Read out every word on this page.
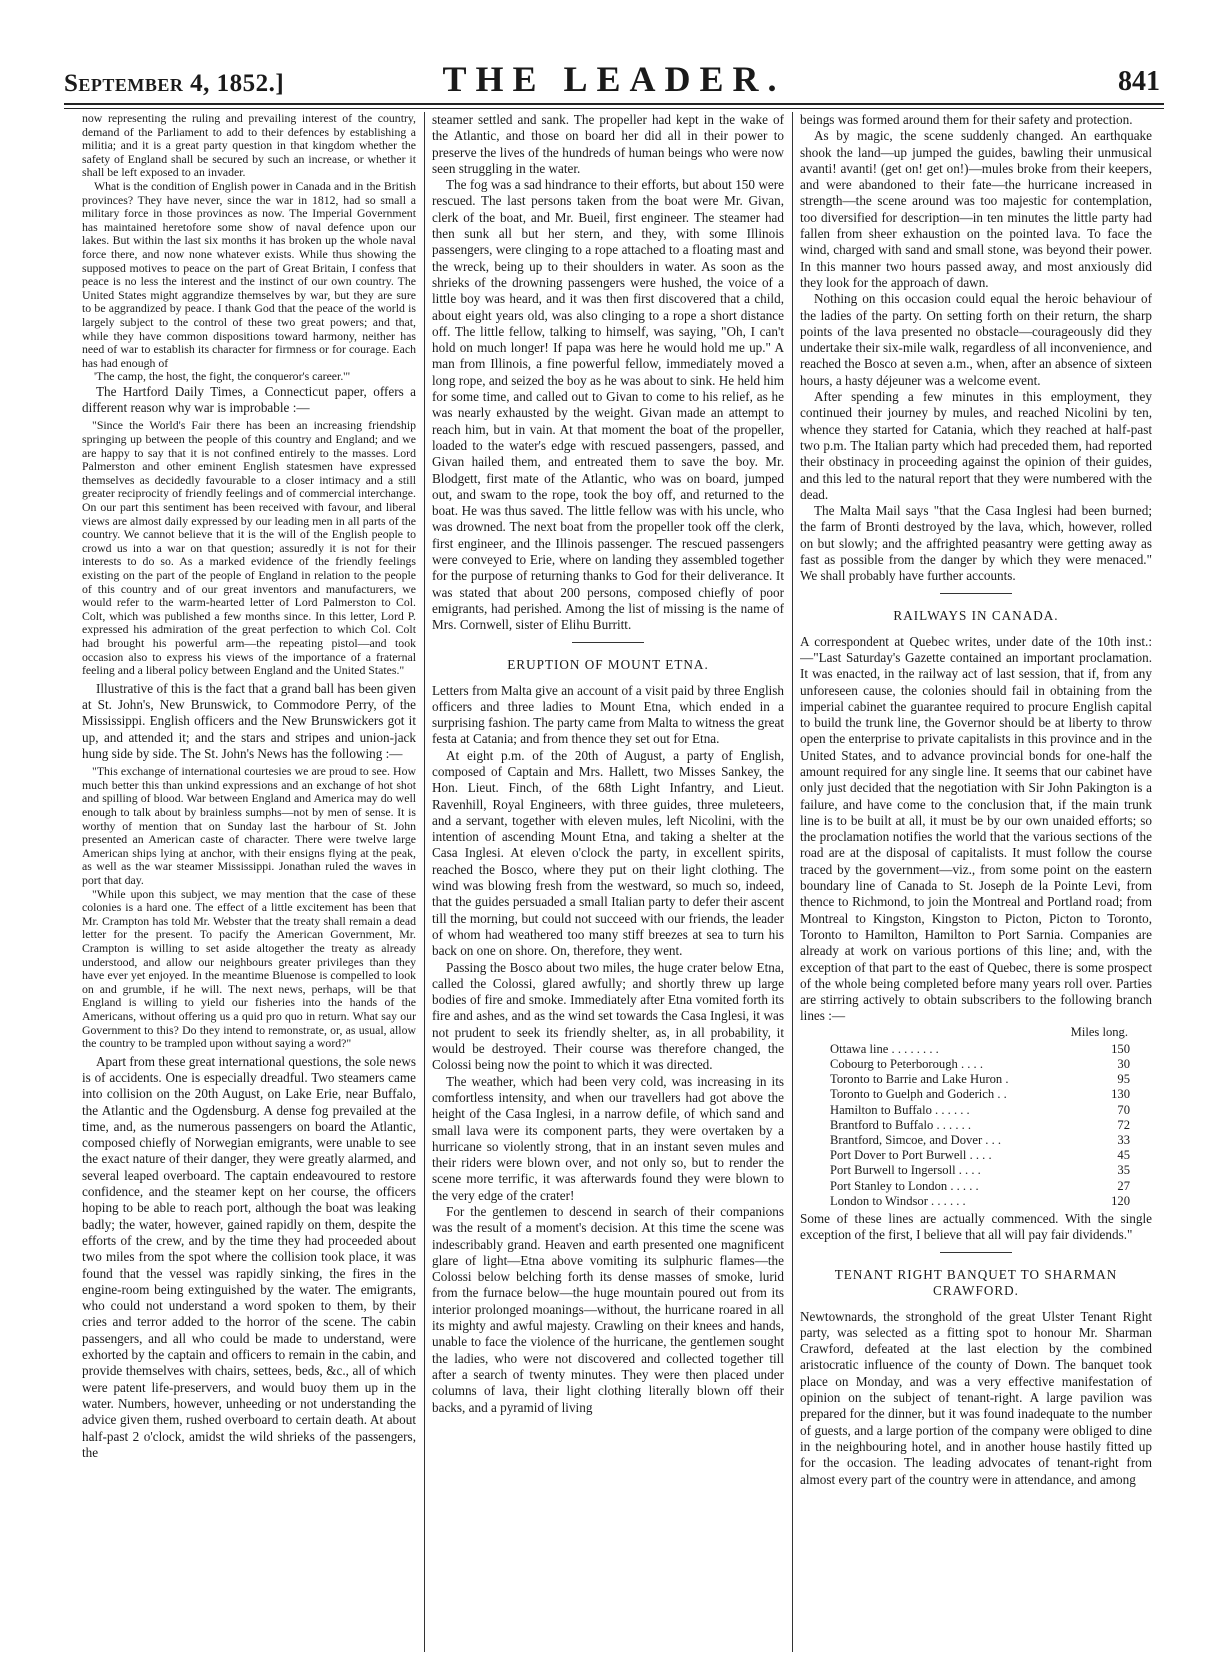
September 4, 1852.]	THE LEADER.	841

now representing the ruling and prevailing interest of the country, demand of the Parliament to add to their defences by establishing a militia; and it is a great party question in that kingdom whether the safety of England shall be secured by such an increase, or whether it shall be left exposed to an invader.

What is the condition of English power in Canada and in the British provinces? They have never, since the war in 1812, had so small a military force in those provinces as now. The Imperial Government has maintained heretofore some show of naval defence upon our lakes. But within the last six months it has broken up the whole naval force there, and now none whatever exists. While thus showing the supposed motives to peace on the part of Great Britain, I confess that peace is no less the interest and the instinct of our own country. The United States might aggrandize themselves by war, but they are sure to be aggrandized by peace. I thank God that the peace of the world is largely subject to the control of these two great powers; and that, while they have common dispositions toward harmony, neither has need of war to establish its character for firmness or for courage. Each has had enough of

'The camp, the host, the fight, the conqueror's career.'"

The Hartford Daily Times, a Connecticut paper, offers a different reason why war is improbable :—

"Since the World's Fair there has been an increasing friendship springing up between the people of this country and England; and we are happy to say that it is not confined entirely to the masses. Lord Palmerston and other eminent English statesmen have expressed themselves as decidedly favourable to a closer intimacy and a still greater reciprocity of friendly feelings and of commercial interchange. On our part this sentiment has been received with favour, and liberal views are almost daily expressed by our leading men in all parts of the country. We cannot believe that it is the will of the English people to crowd us into a war on that question; assuredly it is not for their interests to do so. As a marked evidence of the friendly feelings existing on the part of the people of England in relation to the people of this country and of our great inventors and manufacturers, we would refer to the warm-hearted letter of Lord Palmerston to Col. Colt, which was published a few months since. In this letter, Lord P. expressed his admiration of the great perfection to which Col. Colt had brought his powerful arm—the repeating pistol—and took occasion also to express his views of the importance of a fraternal feeling and a liberal policy between England and the United States."

Illustrative of this is the fact that a grand ball has been given at St. John's, New Brunswick, to Commodore Perry, of the Mississippi. English officers and the New Brunswickers got it up, and attended it; and the stars and stripes and union-jack hung side by side. The St. John's News has the following :—

"This exchange of international courtesies we are proud to see. How much better this than unkind expressions and an exchange of hot shot and spilling of blood. War between England and America may do well enough to talk about by brainless sumphs—not by men of sense. It is worthy of mention that on Sunday last the harbour of St. John presented an American caste of character. There were twelve large American ships lying at anchor, with their ensigns flying at the peak, as well as the war steamer Mississippi. Jonathan ruled the waves in port that day.

"While upon this subject, we may mention that the case of these colonies is a hard one. The effect of a little excitement has been that Mr. Crampton has told Mr. Webster that the treaty shall remain a dead letter for the present. To pacify the American Government, Mr. Crampton is willing to set aside altogether the treaty as already understood, and allow our neighbours greater privileges than they have ever yet enjoyed. In the meantime Bluenose is compelled to look on and grumble, if he will. The next news, perhaps, will be that England is willing to yield our fisheries into the hands of the Americans, without offering us a quid pro quo in return. What say our Government to this? Do they intend to remonstrate, or, as usual, allow the country to be trampled upon without saying a word?"

Apart from these great international questions, the sole news is of accidents. One is especially dreadful. Two steamers came into collision on the 20th August, on Lake Erie, near Buffalo, the Atlantic and the Ogdensburg. A dense fog prevailed at the time, and, as the numerous passengers on board the Atlantic, composed chiefly of Norwegian emigrants, were unable to see the exact nature of their danger, they were greatly alarmed, and several leaped overboard. The captain endeavoured to restore confidence, and the steamer kept on her course, the officers hoping to be able to reach port, although the boat was leaking badly; the water, however, gained rapidly on them, despite the efforts of the crew, and by the time they had proceeded about two miles from the spot where the collision took place, it was found that the vessel was rapidly sinking, the fires in the engine-room being extinguished by the water. The emigrants, who could not understand a word spoken to them, by their cries and terror added to the horror of the scene. The cabin passengers, and all who could be made to understand, were exhorted by the captain and officers to remain in the cabin, and provide themselves with chairs, settees, beds, &c., all of which were patent life-preservers, and would buoy them up in the water. Numbers, however, unheeding or not understanding the advice given them, rushed overboard to certain death. At about half-past 2 o'clock, amidst the wild shrieks of the passengers, the

steamer settled and sank. The propeller had kept in the wake of the Atlantic, and those on board her did all in their power to preserve the lives of the hundreds of human beings who were now seen struggling in the water.

The fog was a sad hindrance to their efforts, but about 150 were rescued. The last persons taken from the boat were Mr. Givan, clerk of the boat, and Mr. Bueil, first engineer. The steamer had then sunk all but her stern, and they, with some Illinois passengers, were clinging to a rope attached to a floating mast and the wreck, being up to their shoulders in water. As soon as the shrieks of the drowning passengers were hushed, the voice of a little boy was heard, and it was then first discovered that a child, about eight years old, was also clinging to a rope a short distance off. The little fellow, talking to himself, was saying, "Oh, I can't hold on much longer! If papa was here he would hold me up." A man from Illinois, a fine powerful fellow, immediately moved a long rope, and seized the boy as he was about to sink. He held him for some time, and called out to Givan to come to his relief, as he was nearly exhausted by the weight. Givan made an attempt to reach him, but in vain. At that moment the boat of the propeller, loaded to the water's edge with rescued passengers, passed, and Givan hailed them, and entreated them to save the boy. Mr. Blodgett, first mate of the Atlantic, who was on board, jumped out, and swam to the rope, took the boy off, and returned to the boat. He was thus saved. The little fellow was with his uncle, who was drowned. The next boat from the propeller took off the clerk, first engineer, and the Illinois passenger. The rescued passengers were conveyed to Erie, where on landing they assembled together for the purpose of returning thanks to God for their deliverance. It was stated that about 200 persons, composed chiefly of poor emigrants, had perished. Among the list of missing is the name of Mrs. Cornwell, sister of Elihu Burritt.

ERUPTION OF MOUNT ETNA.

Letters from Malta give an account of a visit paid by three English officers and three ladies to Mount Etna, which ended in a surprising fashion. The party came from Malta to witness the great festa at Catania; and from thence they set out for Etna.

At eight p.m. of the 20th of August, a party of English, composed of Captain and Mrs. Hallett, two Misses Sankey, the Hon. Lieut. Finch, of the 68th Light Infantry, and Lieut. Ravenhill, Royal Engineers, with three guides, three muleteers, and a servant, together with eleven mules, left Nicolini, with the intention of ascending Mount Etna, and taking a shelter at the Casa Inglesi. At eleven o'clock the party, in excellent spirits, reached the Bosco, where they put on their light clothing. The wind was blowing fresh from the westward, so much so, indeed, that the guides persuaded a small Italian party to defer their ascent till the morning, but could not succeed with our friends, the leader of whom had weathered too many stiff breezes at sea to turn his back on one on shore. On, therefore, they went.

Passing the Bosco about two miles, the huge crater below Etna, called the Colossi, glared awfully; and shortly threw up large bodies of fire and smoke. Immediately after Etna vomited forth its fire and ashes, and as the wind set towards the Casa Inglesi, it was not prudent to seek its friendly shelter, as, in all probability, it would be destroyed. Their course was therefore changed, the Colossi being now the point to which it was directed.

The weather, which had been very cold, was increasing in its comfortless intensity, and when our travellers had got above the height of the Casa Inglesi, in a narrow defile, of which sand and small lava were its component parts, they were overtaken by a hurricane so violently strong, that in an instant seven mules and their riders were blown over, and not only so, but to render the scene more terrific, it was afterwards found they were blown to the very edge of the crater!

For the gentlemen to descend in search of their companions was the result of a moment's decision. At this time the scene was indescribably grand. Heaven and earth presented one magnificent glare of light—Etna above vomiting its sulphuric flames—the Colossi below belching forth its dense masses of smoke, lurid from the furnace below—the huge mountain poured out from its interior prolonged moanings—without, the hurricane roared in all its mighty and awful majesty. Crawling on their knees and hands, unable to face the violence of the hurricane, the gentlemen sought the ladies, who were not discovered and collected together till after a search of twenty minutes. They were then placed under columns of lava, their light clothing literally blown off their backs, and a pyramid of living

beings was formed around them for their safety and protection.

As by magic, the scene suddenly changed. An earthquake shook the land—up jumped the guides, bawling their unmusical avanti! avanti! (get on! get on!)—mules broke from their keepers, and were abandoned to their fate—the hurricane increased in strength—the scene around was too majestic for contemplation, too diversified for description—in ten minutes the little party had fallen from sheer exhaustion on the pointed lava. To face the wind, charged with sand and small stone, was beyond their power. In this manner two hours passed away, and most anxiously did they look for the approach of dawn.

Nothing on this occasion could equal the heroic behaviour of the ladies of the party. On setting forth on their return, the sharp points of the lava presented no obstacle—courageously did they undertake their six-mile walk, regardless of all inconvenience, and reached the Bosco at seven a.m., when, after an absence of sixteen hours, a hasty déjeuner was a welcome event.

After spending a few minutes in this employment, they continued their journey by mules, and reached Nicolini by ten, whence they started for Catania, which they reached at half-past two p.m. The Italian party which had preceded them, had reported their obstinacy in proceeding against the opinion of their guides, and this led to the natural report that they were numbered with the dead.

The Malta Mail says "that the Casa Inglesi had been burned; the farm of Bronti destroyed by the lava, which, however, rolled on but slowly; and the affrighted peasantry were getting away as fast as possible from the danger by which they were menaced." We shall probably have further accounts.

RAILWAYS IN CANADA.

A correspondent at Quebec writes, under date of the 10th inst.:—"Last Saturday's Gazette contained an important proclamation. It was enacted, in the railway act of last session, that if, from any unforeseen cause, the colonies should fail in obtaining from the imperial cabinet the guarantee required to procure English capital to build the trunk line, the Governor should be at liberty to throw open the enterprise to private capitalists in this province and in the United States, and to advance provincial bonds for one-half the amount required for any single line. It seems that our cabinet have only just decided that the negotiation with Sir John Pakington is a failure, and have come to the conclusion that, if the main trunk line is to be built at all, it must be by our own unaided efforts; so the proclamation notifies the world that the various sections of the road are at the disposal of capitalists. It must follow the course traced by the government—viz., from some point on the eastern boundary line of Canada to St. Joseph de la Pointe Levi, from thence to Richmond, to join the Montreal and Portland road; from Montreal to Kingston, Kingston to Picton, Picton to Toronto, Toronto to Hamilton, Hamilton to Port Sarnia. Companies are already at work on various portions of this line; and, with the exception of that part to the east of Quebec, there is some prospect of the whole being completed before many years roll over. Parties are stirring actively to obtain subscribers to the following branch lines :—

Miles long.
Ottawa line . . . . . . . .	150
Cobourg to Peterborough . . . .	30
Toronto to Barrie and Lake Huron .	95
Toronto to Guelph and Goderich . .	130
Hamilton to Buffalo . . . . . .	70
Brantford to Buffalo . . . . . .	72
Brantford, Simcoe, and Dover . . .	33
Port Dover to Port Burwell . . . .	45
Port Burwell to Ingersoll . . . .	35
Port Stanley to London . . . . .	27
London to Windsor . . . . . .	120

Some of these lines are actually commenced. With the single exception of the first, I believe that all will pay fair dividends."

TENANT RIGHT BANQUET TO SHARMAN CRAWFORD.

Newtownards, the stronghold of the great Ulster Tenant Right party, was selected as a fitting spot to honour Mr. Sharman Crawford, defeated at the last election by the combined aristocratic influence of the county of Down. The banquet took place on Monday, and was a very effective manifestation of opinion on the subject of tenant-right. A large pavilion was prepared for the dinner, but it was found inadequate to the number of guests, and a large portion of the company were obliged to dine in the neighbouring hotel, and in another house hastily fitted up for the occasion. The leading advocates of tenant-right from almost every part of the country were in attendance, and among
